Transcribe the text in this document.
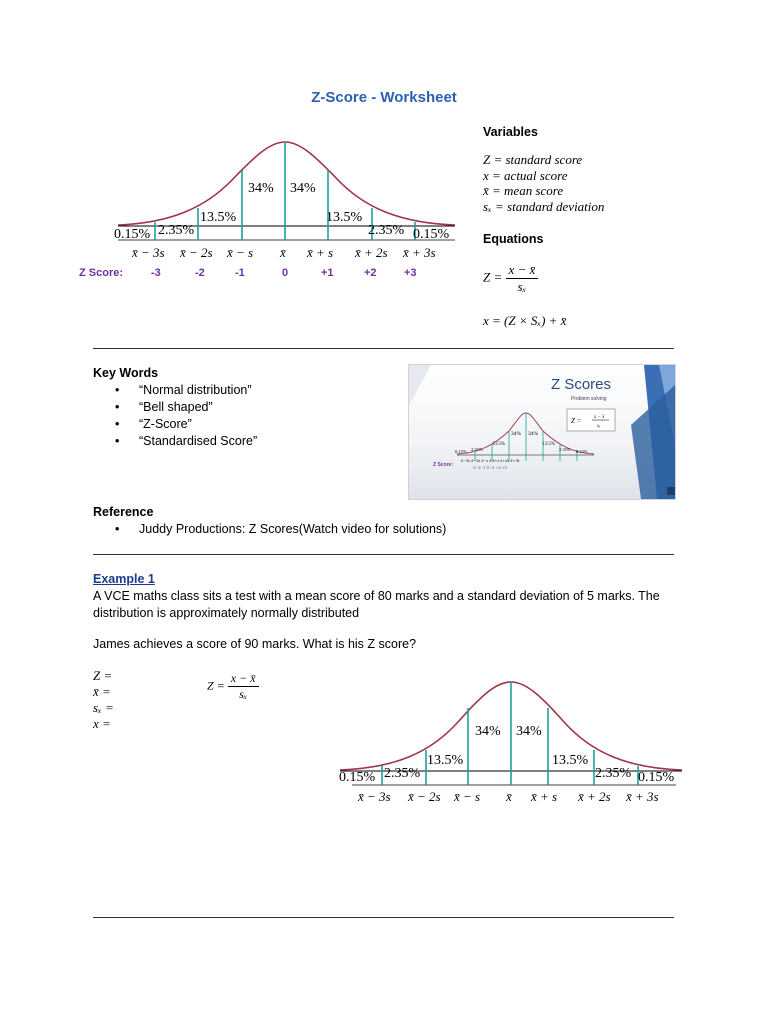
Z-Score - Worksheet
0.15% 2.35%
13.5%
34% 34%
13.5%
2.35% 0.15%
x̄ − 3s x̄ − 2s x̄ − s x̄ x̄ + s x̄ + 2s x̄ + 3s
Z Score:	-3	-2	-1	0	+1	+2 +3
Variables
Z = standard score
x = actual score
x̄ = mean score
sₓ = standard deviation
Equations
$Z = \frac{x - x̄}{\text{sₓ}}$
x = (Z × Sₓ) + x̄
Key Words
• “Normal distribution”
• “Bell shaped”
• “Z-Score”
• “Standardised Score”
Z =	x − x̄
sₓ
34% 34%
13.5%	13.5%
0.15% 2.35%	2.35% 0.15%
x̄−3s x̄−2s x̄−s x̄ x̄+s x̄+2s x̄+3s
-3 -2 -1 0 +1 +2 +3
Z Scores
Problem solving
Z Score:
Reference
• Juddy Productions: Z Scores(Watch video for solutions)
Example 1
A VCE maths class sits a test with a mean score of 80 marks and a standard deviation of 5 marks. The distribution is approximately normally distributed
James achieves a score of 90 marks. What is his Z score?
Z =
x̄ =
sₓ =
x =
$Z = \frac{x - x̄}{\text{sₓ}}$
0.15% 2.35%
13.5%
34% 34%
13.5%
2.35% 0.15%
x̄ − 3s x̄ − 2s x̄ − s x̄ x̄ + s x̄ + 2s x̄ + 3s
